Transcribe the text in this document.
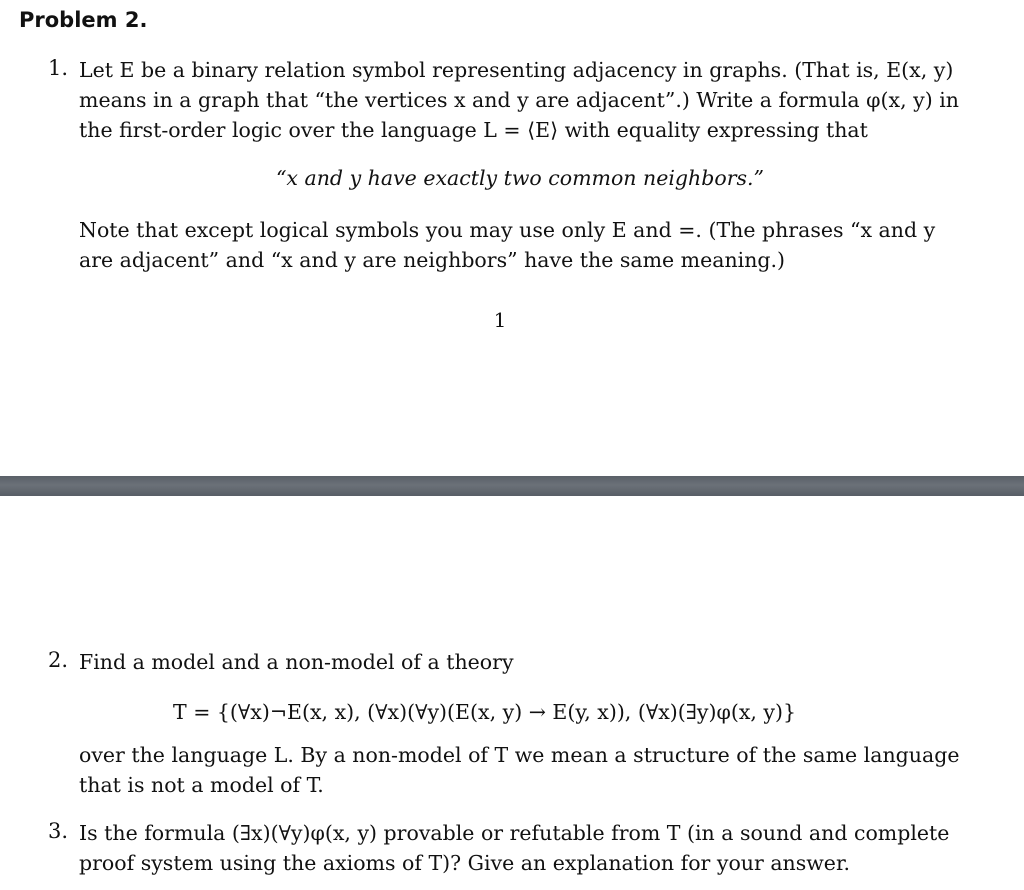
Problem 2.
1. Let E be a binary relation symbol representing adjacency in graphs. (That is, E(x, y)
means in a graph that “the vertices x and y are adjacent”.) Write a formula φ(x, y) in
the first-order logic over the language L = ⟨E⟩ with equality expressing that
“x and y have exactly two common neighbors.”
Note that except logical symbols you may use only E and =. (The phrases “x and y
are adjacent” and “x and y are neighbors” have the same meaning.)
1
2. Find a model and a non-model of a theory
T = {(∀x)¬E(x, x), (∀x)(∀y)(E(x, y) → E(y, x)), (∀x)(∃y)φ(x, y)}
over the language L. By a non-model of T we mean a structure of the same language
that is not a model of T.
3. Is the formula (∃x)(∀y)φ(x, y) provable or refutable from T (in a sound and complete
proof system using the axioms of T)? Give an explanation for your answer.
